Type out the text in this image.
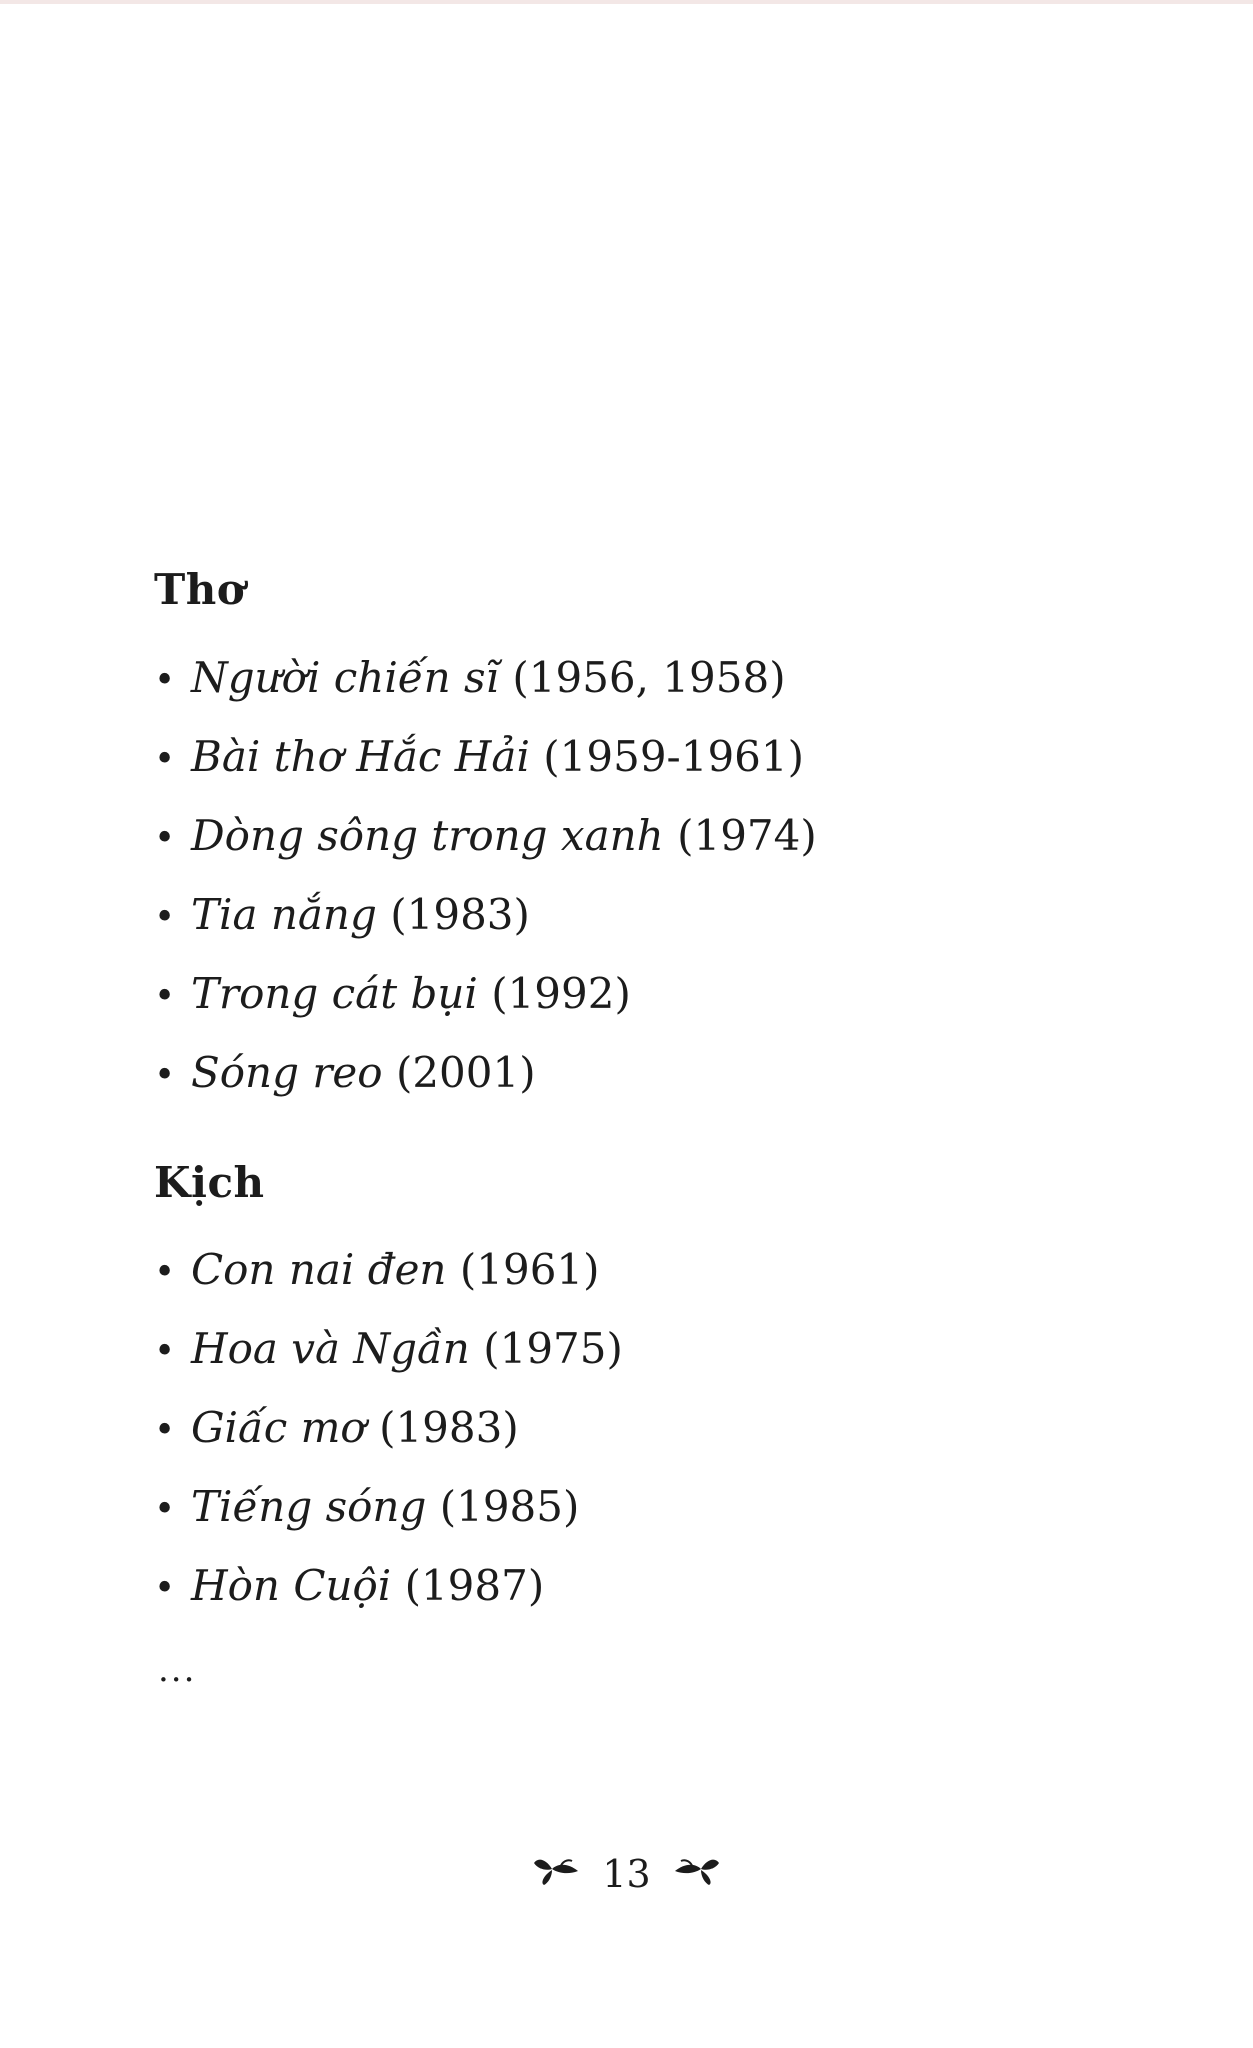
Thơ
• Người chiến sĩ (1956, 1958)
• Bài thơ Hắc Hải (1959-1961)
• Dòng sông trong xanh (1974)
• Tia nắng (1983)
• Trong cát bụi (1992)
• Sóng reo (2001)
Kịch
• Con nai đen (1961)
• Hoa và Ngần (1975)
• Giấc mơ (1983)
• Tiếng sóng (1985)
• Hòn Cuội (1987)
...
13
